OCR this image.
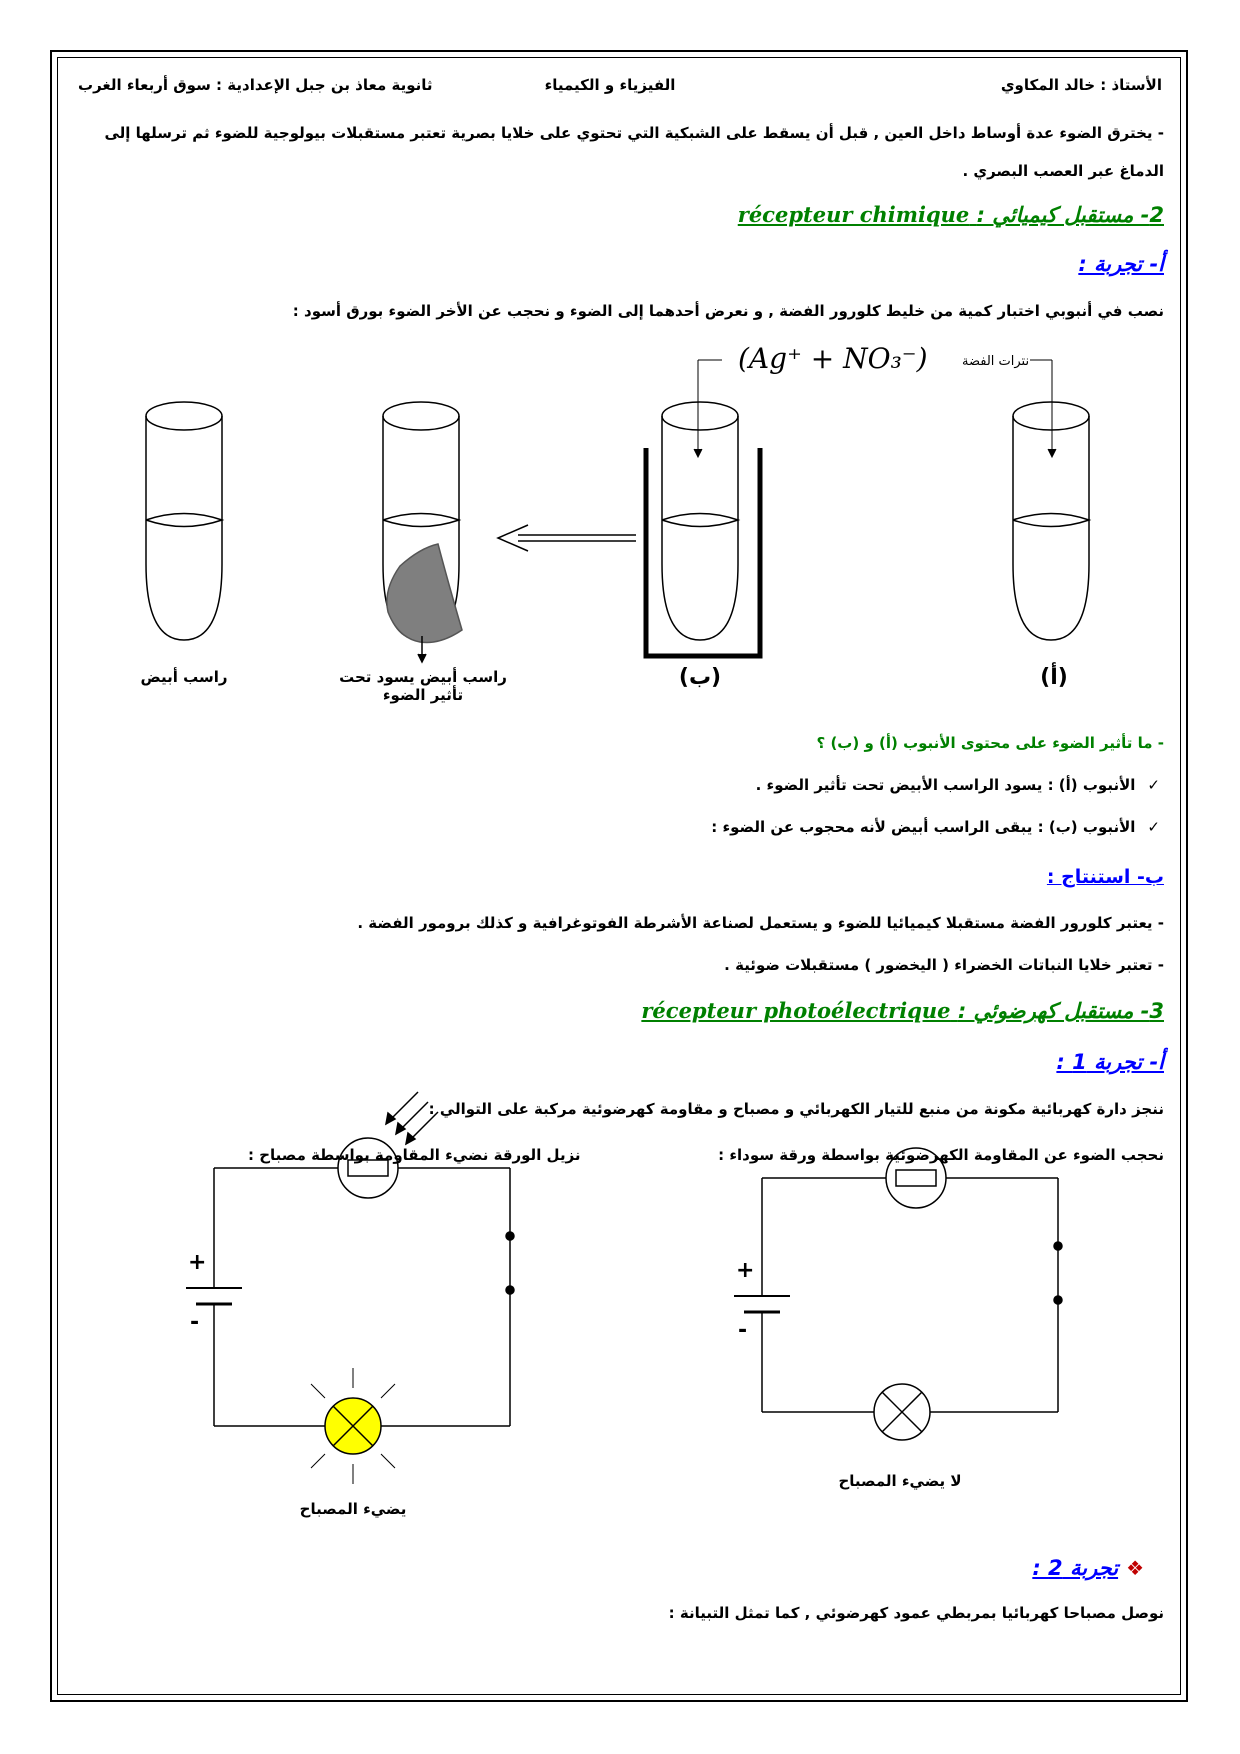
ثانوية معاذ بن جبل الإعدادية : سوق أربعاء الغرب	الفيزياء و الكيمياء	الأستاذ : خالد المكاوي
- يخترق الضوء عدة أوساط داخل العين , قبل أن يسقط على الشبكية التي تحتوي على خلايا بصرية تعتبر مستقبلات بيولوجية للضوء ثم ترسلها إلى الدماغ عبر العصب البصري .
2- مستقبل كيميائي : récepteur chimique
أ- تجربة :
نصب في أنبوبي اختبار كمية من خليط كلورور الفضة , و نعرض أحدهما إلى الضوء و نحجب عن الأخر الضوء بورق أسود :
(Ag⁺ + NO₃⁻)	نترات الفضة
(ب)	(أ)
راسب أبيض	راسب أبيض يسود تحت
تأثير الضوء
- ما تأثير الضوء على محتوى الأنبوب (أ) و (ب) ؟
✓الأنبوب (أ) : يسود الراسب الأبيض تحت تأثير الضوء .
✓الأنبوب (ب) : يبقى الراسب أبيض لأنه محجوب عن الضوء :
ب- استنتاج :
- يعتبر كلورور الفضة مستقبلا كيميائيا للضوء و يستعمل لصناعة الأشرطة الفوتوغرافية و كذلك برومور الفضة .
- تعتبر خلايا النباتات الخضراء ( اليخضور ) مستقبلات ضوئية .
3- مستقبل كهرضوئي : récepteur photoélectrique
أ- تجربة 1 :
ننجز دارة كهربائية مكونة من منبع للتيار الكهربائي و مصباح و مقاومة كهرضوئية مركبة على التوالي :
نحجب الضوء عن المقاومة الكهرضوئية بواسطة ورقة سوداء :
نزيل الورقة نضيء المقاومة بواسطة مصباح :
+
-
+
-
يضيء المصباح
لا يضيء المصباح
❖تجربة 2 :
نوصل مصباحا كهربائيا بمربطي عمود كهرضوئي , كما تمثل التبيانة :
